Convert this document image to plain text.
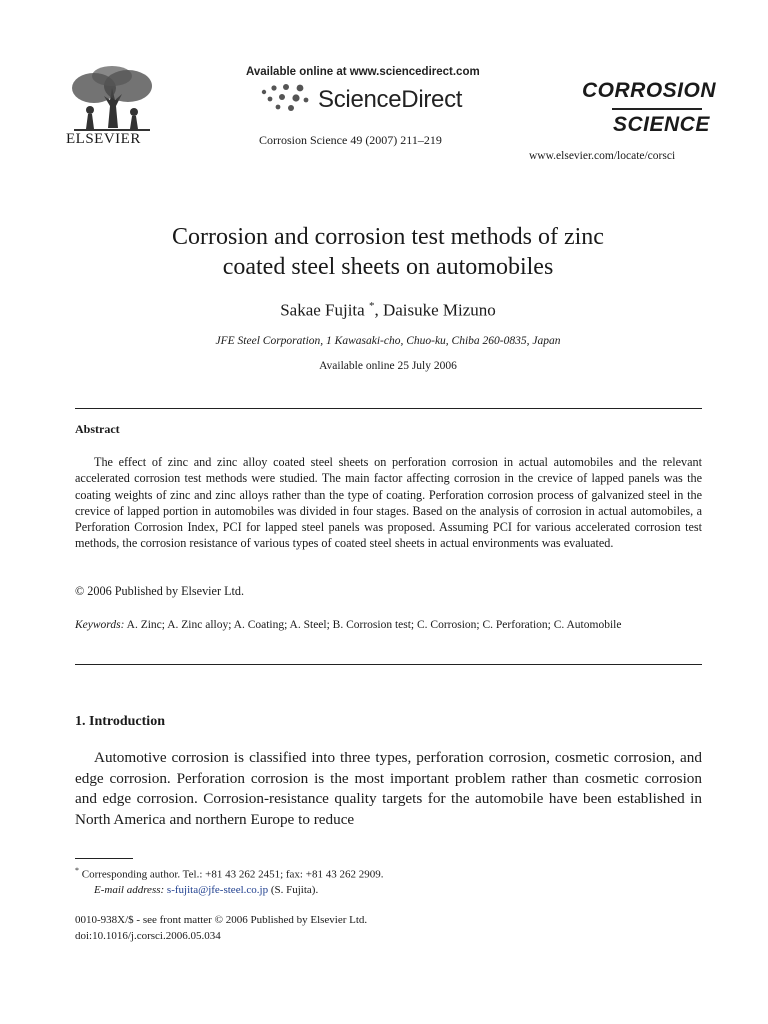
ELSEVIER
Available online at www.sciencedirect.com
ScienceDirect
Corrosion Science 49 (2007) 211–219
CORROSION
SCIENCE
www.elsevier.com/locate/corsci
Corrosion and corrosion test methods of zinc
coated steel sheets on automobiles
Sakae Fujita *, Daisuke Mizuno
JFE Steel Corporation, 1 Kawasaki-cho, Chuo-ku, Chiba 260-0835, Japan
Available online 25 July 2006
Abstract

The effect of zinc and zinc alloy coated steel sheets on perforation corrosion in actual automobiles and the relevant accelerated corrosion test methods were studied. The main factor affecting corrosion in the crevice of lapped panels was the coating weights of zinc and zinc alloys rather than the type of coating. Perforation corrosion process of galvanized steel in the crevice of lapped portion in automobiles was divided in four stages. Based on the analysis of corrosion in actual automobiles, a Perforation Corrosion Index, PCI for lapped steel panels was proposed. Assuming PCI for various accelerated corrosion test methods, the corrosion resistance of various types of coated steel sheets in actual environments was evaluated.

© 2006 Published by Elsevier Ltd.
Keywords: A. Zinc; A. Zinc alloy; A. Coating; A. Steel; B. Corrosion test; C. Corrosion; C. Perforation; C. Automobile
1. Introduction

Automotive corrosion is classified into three types, perforation corrosion, cosmetic corrosion, and edge corrosion. Perforation corrosion is the most important problem rather than cosmetic corrosion and edge corrosion. Corrosion-resistance quality targets for the automobile have been established in North America and northern Europe to reduce

* Corresponding author. Tel.: +81 43 262 2451; fax: +81 43 262 2909.
E-mail address: s-fujita@jfe-steel.co.jp (S. Fujita).
0010-938X/$ - see front matter © 2006 Published by Elsevier Ltd.
doi:10.1016/j.corsci.2006.05.034
